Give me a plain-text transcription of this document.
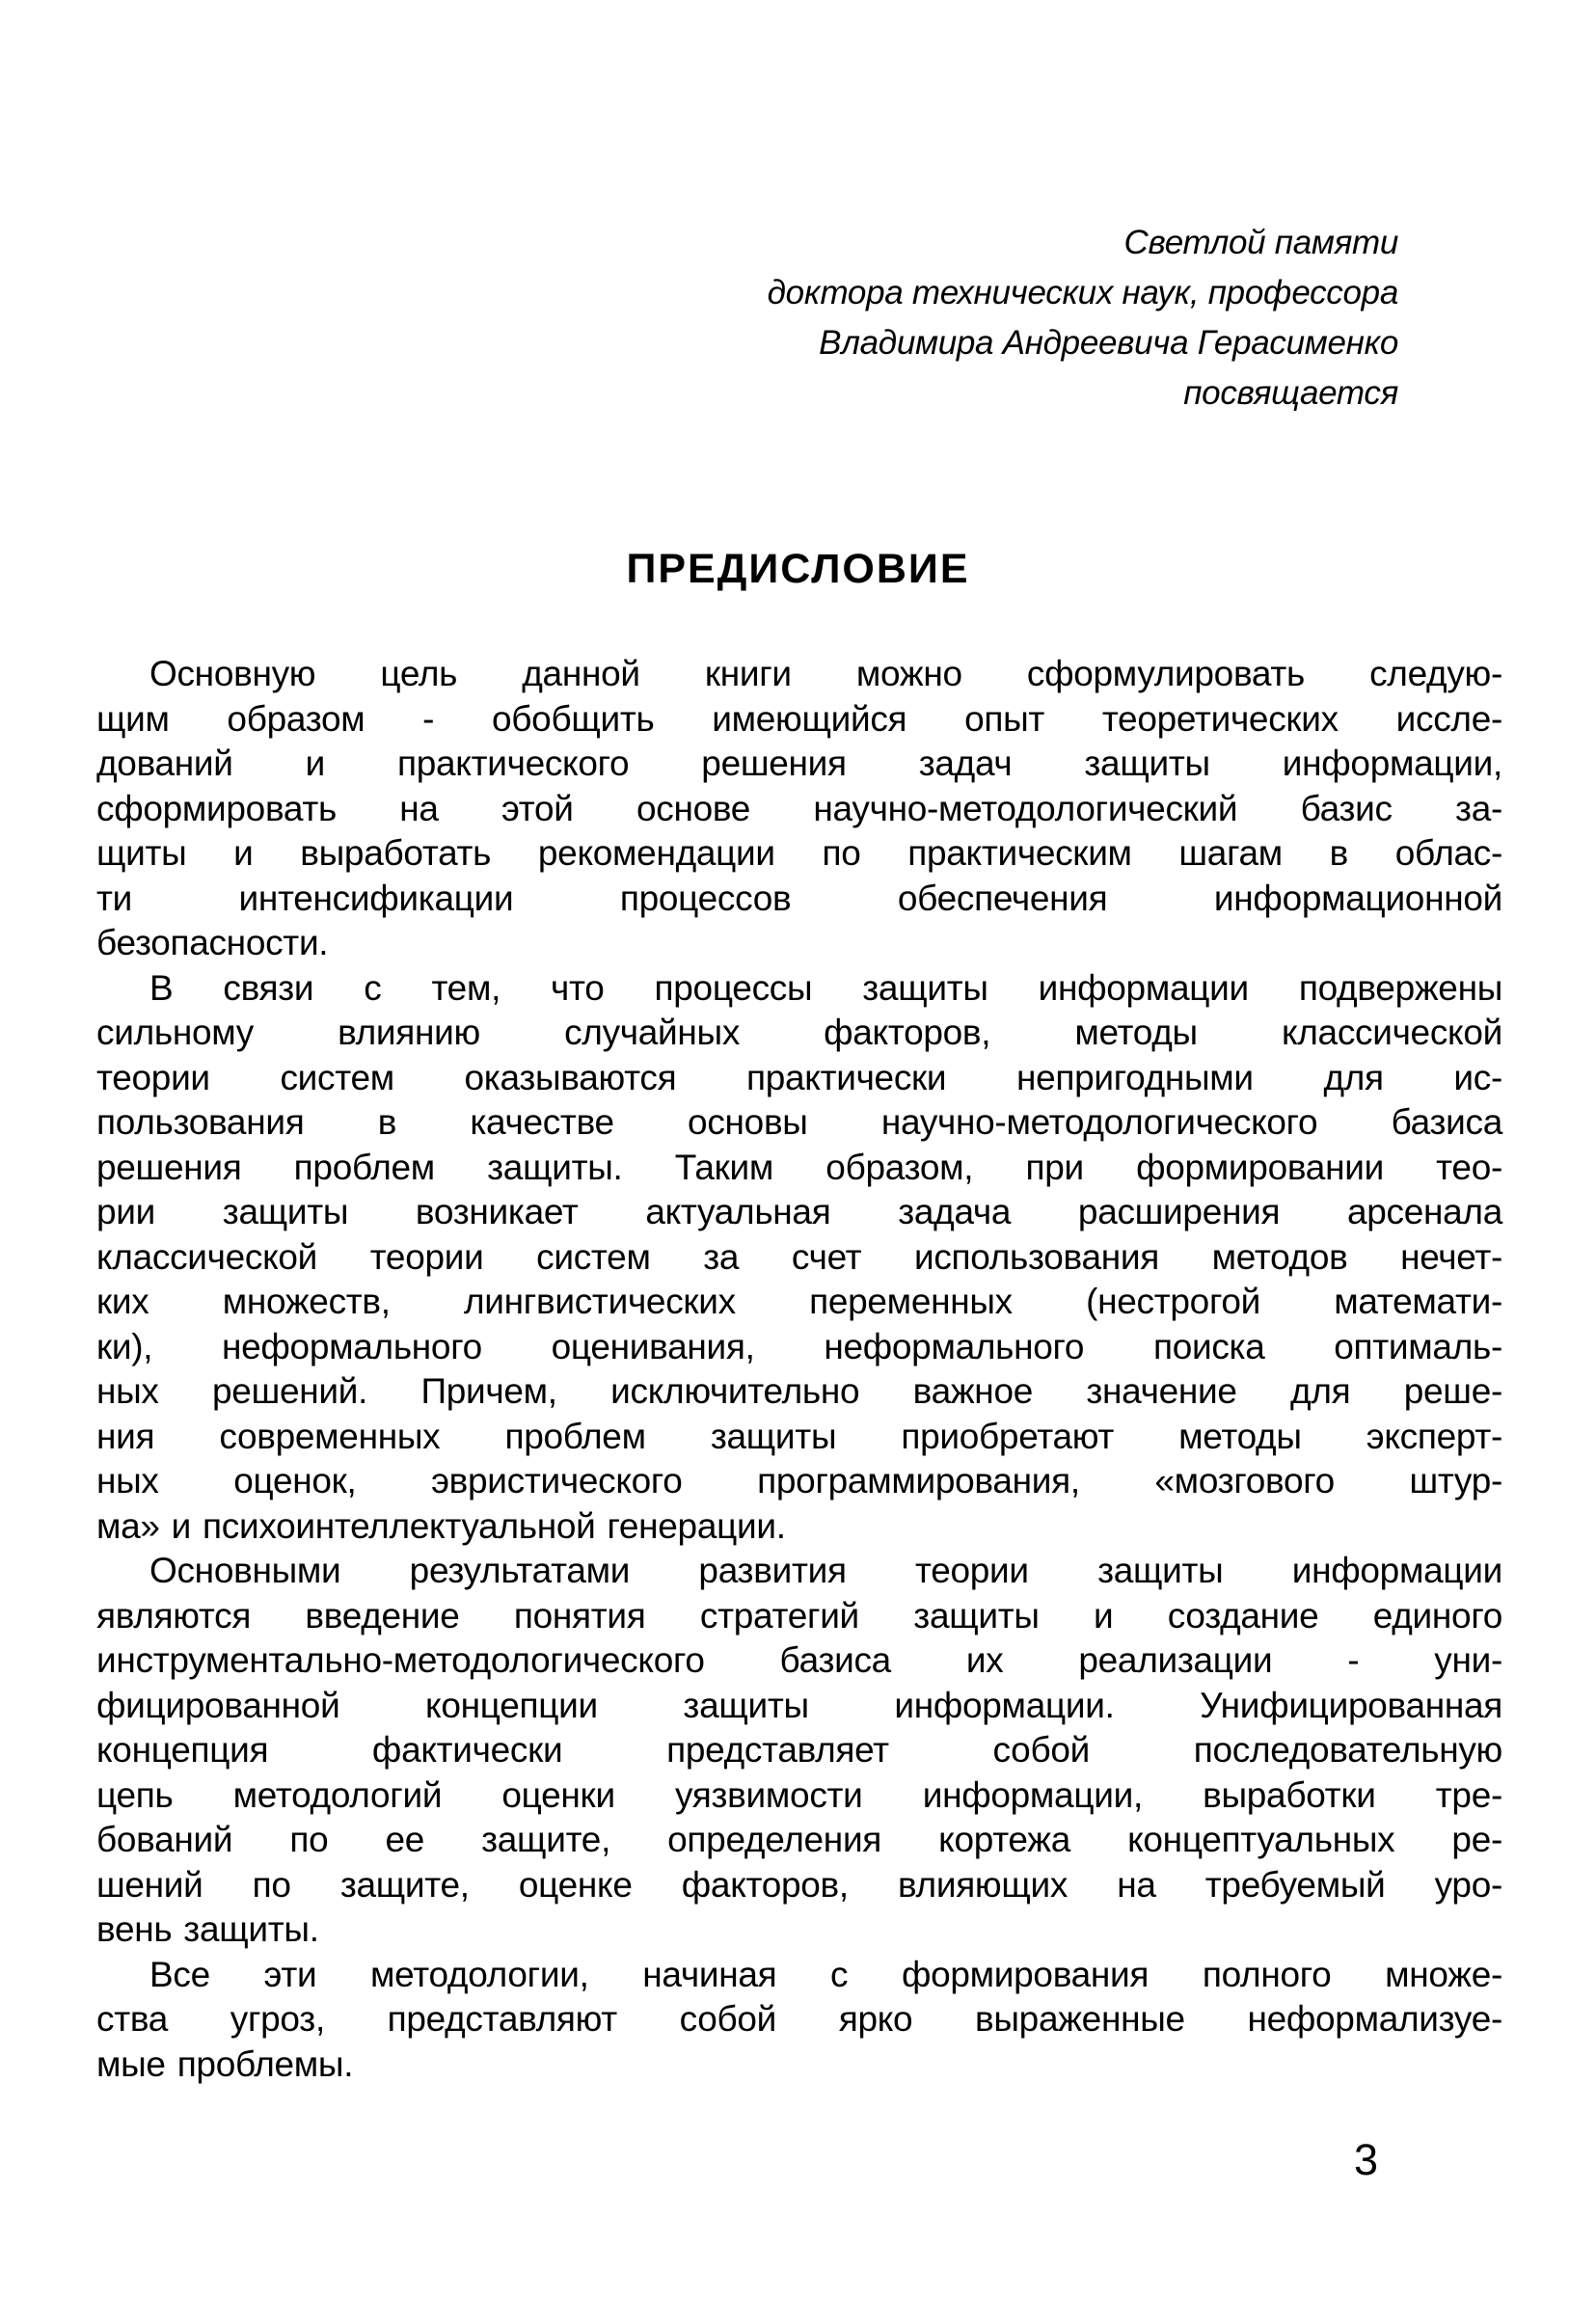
Светлой памяти
доктора технических наук, профессора
Владимира Андреевича Герасименко
посвящается
ПРЕДИСЛОВИЕ

Основную цель данной книги можно сформулировать следую-
щим образом - обобщить имеющийся опыт теоретических иссле-
дований и практического решения задач защиты информации,
сформировать на этой основе научно-методологический базис за-
щиты и выработать рекомендации по практическим шагам в облас-
ти интенсификации процессов обеспечения информационной
безопасности.

В связи с тем, что процессы защиты информации подвержены
сильному влиянию случайных факторов, методы классической
теории систем оказываются практически непригодными для ис-
пользования в качестве основы научно-методологического базиса
решения проблем защиты. Таким образом, при формировании тео-
рии защиты возникает актуальная задача расширения арсенала
классической теории систем за счет использования методов нечет-
ких множеств, лингвистических переменных (нестрогой математи-
ки), неформального оценивания, неформального поиска оптималь-
ных решений. Причем, исключительно важное значение для реше-
ния современных проблем защиты приобретают методы эксперт-
ных оценок, эвристического программирования, «мозгового штур-
ма» и психоинтеллектуальной генерации.

Основными результатами развития теории защиты информации
являются введение понятия стратегий защиты и создание единого
инструментально-методологического базиса их реализации - уни-
фицированной концепции защиты информации. Унифицированная
концепция фактически представляет собой последовательную
цепь методологий оценки уязвимости информации, выработки тре-
бований по ее защите, определения кортежа концептуальных ре-
шений по защите, оценке факторов, влияющих на требуемый уро-
вень защиты.

Все эти методологии, начиная с формирования полного множе-
ства угроз, представляют собой ярко выраженные неформализуе-
мые проблемы.

3
